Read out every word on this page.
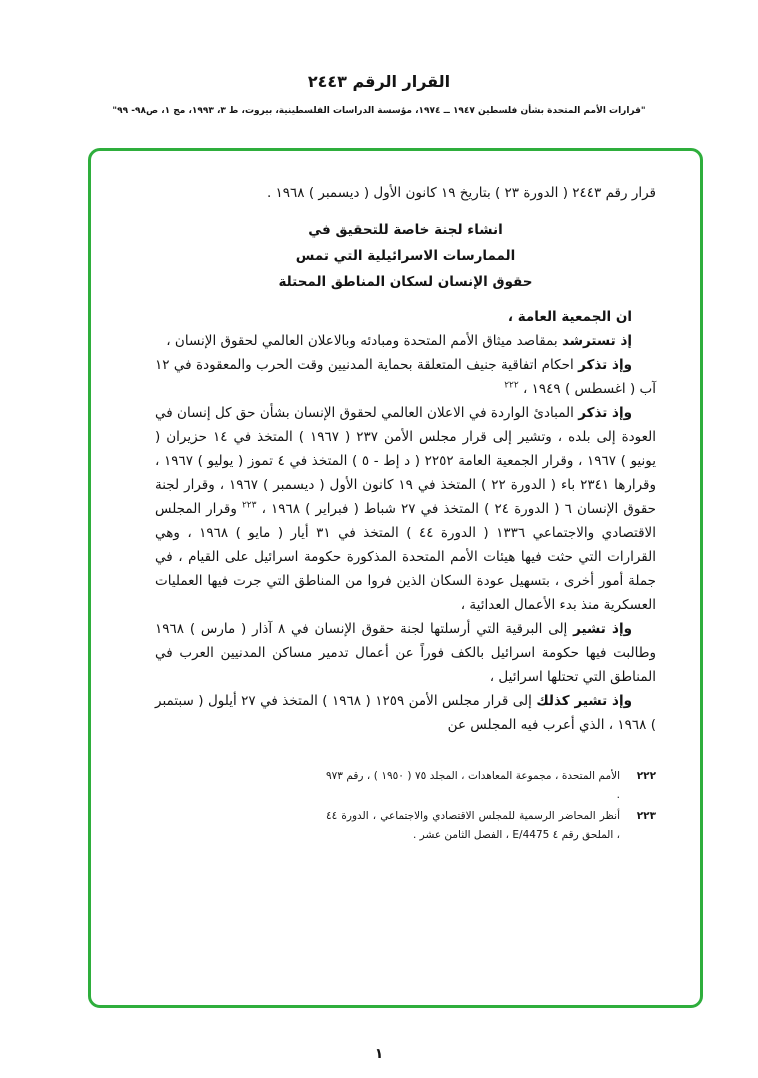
القرار الرقم ٢٤٤٣
"قرارات الأمم المتحدة بشأن فلسطين ١٩٤٧ ــ ١٩٧٤، مؤسسة الدراسات الفلسطينية، بيروت، ط ٣، ١٩٩٣، مج ١، ص٩٨- ٩٩"
قرار رقم ٢٤٤٣ ( الدورة ٢٣ ) بتاريخ ١٩ كانون الأول ( ديسمبر ) ١٩٦٨ .
انشاء لجنة خاصة للتحقيق في
الممارسات الاسرائيلية التي تمس
حقوق الإنسان لسكان المناطق المحتلة
ان الجمعية العامة ،
إذ تسترشد بمقاصد ميثاق الأمم المتحدة ومبادئه وبالاعلان العالمي لحقوق الإنسان ،
وإذ تذكر احكام اتفاقية جنيف المتعلقة بحماية المدنيين وقت الحرب والمعقودة في ١٢ آب ( اغسطس ) ١٩٤٩ ، $^{٢٢٢}$
وإذ تذكر المبادئ الواردة في الاعلان العالمي لحقوق الإنسان بشأن حق كل إنسان في العودة إلى بلده ، وتشير إلى قرار مجلس الأمن ٢٣٧ ( ١٩٦٧ ) المتخذ في ١٤ حزيران ( يونيو ) ١٩٦٧ ، وقرار الجمعية العامة ٢٢٥٢ ( د إط - ٥ ) المتخذ في ٤ تموز ( يوليو ) ١٩٦٧ ، وقرارها ٢٣٤١ باء ( الدورة ٢٢ ) المتخذ في ١٩ كانون الأول ( ديسمبر ) ١٩٦٧ ، وقرار لجنة حقوق الإنسان ٦ ( الدورة ٢٤ ) المتخذ في ٢٧ شباط ( فبراير ) ١٩٦٨ ، $^{٢٢٣}$ وقرار المجلس الاقتصادي والاجتماعي ١٣٣٦ ( الدورة ٤٤ ) المتخذ في ٣١ أيار ( مايو ) ١٩٦٨ ، وهي القرارات التي حثت فيها هيئات الأمم المتحدة المذكورة حكومة اسرائيل على القيام ، في جملة أمور أخرى ، بتسهيل عودة السكان الذين فروا من المناطق التي جرت فيها العمليات العسكرية منذ بدء الأعمال العدائية ،
وإذ تشير إلى البرقية التي أرسلتها لجنة حقوق الإنسان في ٨ آذار ( مارس ) ١٩٦٨ وطالبت فيها حكومة اسرائيل بالكف فوراً عن أعمال تدمير مساكن المدنيين العرب في المناطق التي تحتلها اسرائيل ،
وإذ تشير كذلك إلى قرار مجلس الأمن ١٢٥٩ ( ١٩٦٨ ) المتخذ في ٢٧ أيلول ( سبتمبر ) ١٩٦٨ ، الذي أعرب فيه المجلس عن
٢٢٢
الأمم المتحدة ، مجموعة المعاهدات ، المجلد ٧٥ ( ١٩٥٠ ) ، رقم ٩٧٣ .
٢٢٣
أنظر المحاضر الرسمية للمجلس الاقتصادي والاجتماعي ، الدورة ٤٤ ، الملحق رقم ٤ E/4475 ، الفصل الثامن عشر .
١
